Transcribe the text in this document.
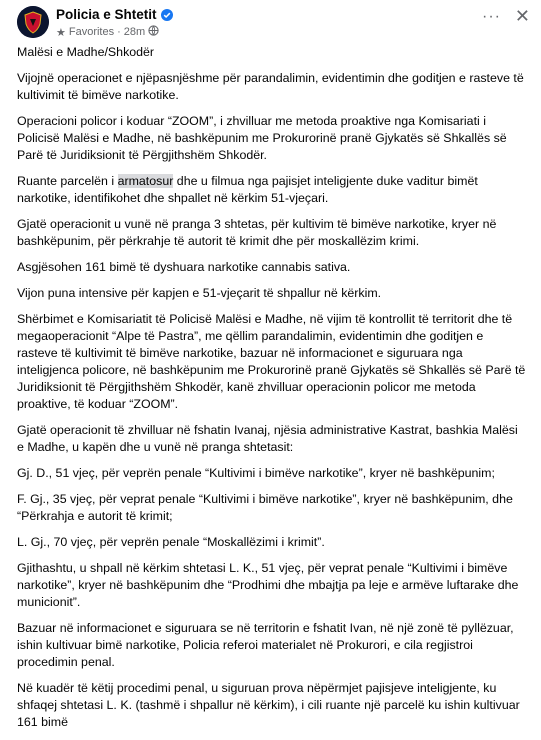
Policia e Shtetit
★ Favorites · 28m
··· ✕

Malësi e Madhe/Shkodër

Vijojnë operacionet e njëpasnjëshme për parandalimin, evidentimin dhe goditjen e rasteve të kultivimit të bimëve narkotike.

Operacioni policor i koduar “ZOOM”, i zhvilluar me metoda proaktive nga Komisariati i Policisë Malësi e Madhe, në bashkëpunim me Prokurorinë pranë Gjykatës së Shkallës së Parë të Juridiksionit të Përgjithshëm Shkodër.

Ruante parcelën i armatosur dhe u filmua nga pajisjet inteligjente duke vaditur bimët narkotike, identifikohet dhe shpallet në kërkim 51-vjeçari.

Gjatë operacionit u vunë në pranga 3 shtetas, për kultivim të bimëve narkotike, kryer në bashkëpunim, për përkrahje të autorit të krimit dhe për moskallëzim krimi.

Asgjësohen 161 bimë të dyshuara narkotike cannabis sativa.

Vijon puna intensive për kapjen e 51-vjeçarit të shpallur në kërkim.

Shërbimet e Komisariatit të Policisë Malësi e Madhe, në vijim të kontrollit të territorit dhe të megaoperacionit “Alpe të Pastra”, me qëllim parandalimin, evidentimin dhe goditjen e rasteve të kultivimit të bimëve narkotike, bazuar në informacionet e siguruara nga inteligjenca policore, në bashkëpunim me Prokurorinë pranë Gjykatës së Shkallës së Parë të Juridiksionit të Përgjithshëm Shkodër, kanë zhvilluar operacionin policor me metoda proaktive, të koduar “ZOOM”.

Gjatë operacionit të zhvilluar në fshatin Ivanaj, njësia administrative Kastrat, bashkia Malësi e Madhe, u kapën dhe u vunë në pranga shtetasit:

Gj. D., 51 vjeç, për veprën penale “Kultivimi i bimëve narkotike”, kryer në bashkëpunim;

F. Gj., 35 vjeç, për veprat penale “Kultivimi i bimëve narkotike”, kryer në bashkëpunim, dhe “Përkrahja e autorit të krimit;

L. Gj., 70 vjeç, për veprën penale “Moskallëzimi i krimit”.

Gjithashtu, u shpall në kërkim shtetasi L. K., 51 vjeç, për veprat penale “Kultivimi i bimëve narkotike”, kryer në bashkëpunim dhe “Prodhimi dhe mbajtja pa leje e armëve luftarake dhe municionit”.

Bazuar në informacionet e siguruara se në territorin e fshatit Ivan, në një zonë të pyllëzuar, ishin kultivuar bimë narkotike, Policia referoi materialet në Prokurori, e cila regjistroi procedimin penal.

Në kuadër të këtij procedimi penal, u siguruan prova nëpërmjet pajisjeve inteligjente, ku shfaqej shtetasi L. K. (tashmë i shpallur në kërkim), i cili ruante një parcelë ku ishin kultivuar 161 bimë
